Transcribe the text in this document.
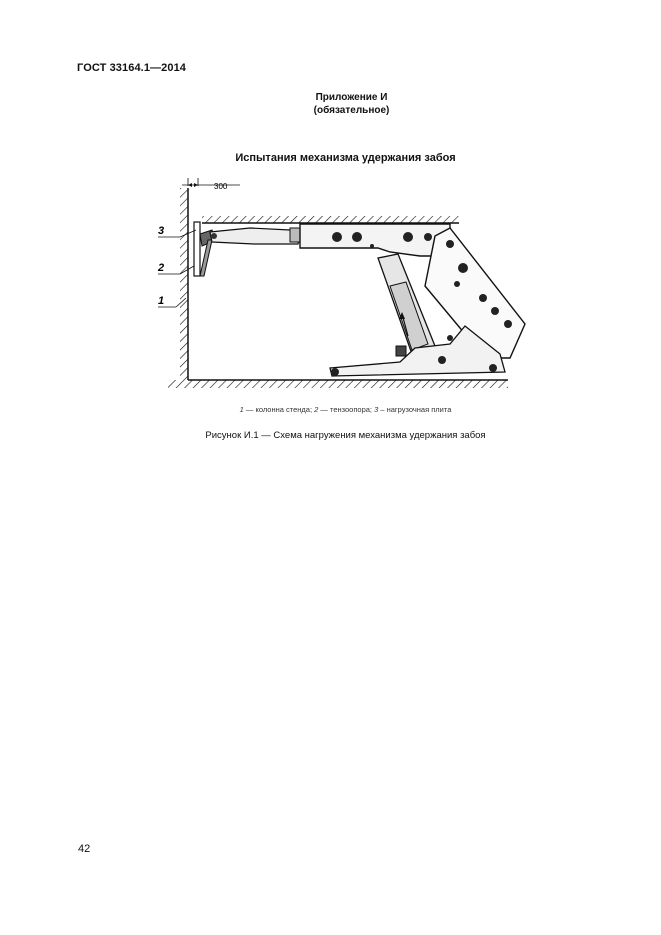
ГОСТ 33164.1—2014
Приложение И
(обязательное)
Испытания механизма удержания забоя
300
3
2
1
1 — колонна стенда; 2 — тензоопора; 3 – нагрузочная плита
Рисунок И.1 — Схема нагружения механизма удержания забоя
42
